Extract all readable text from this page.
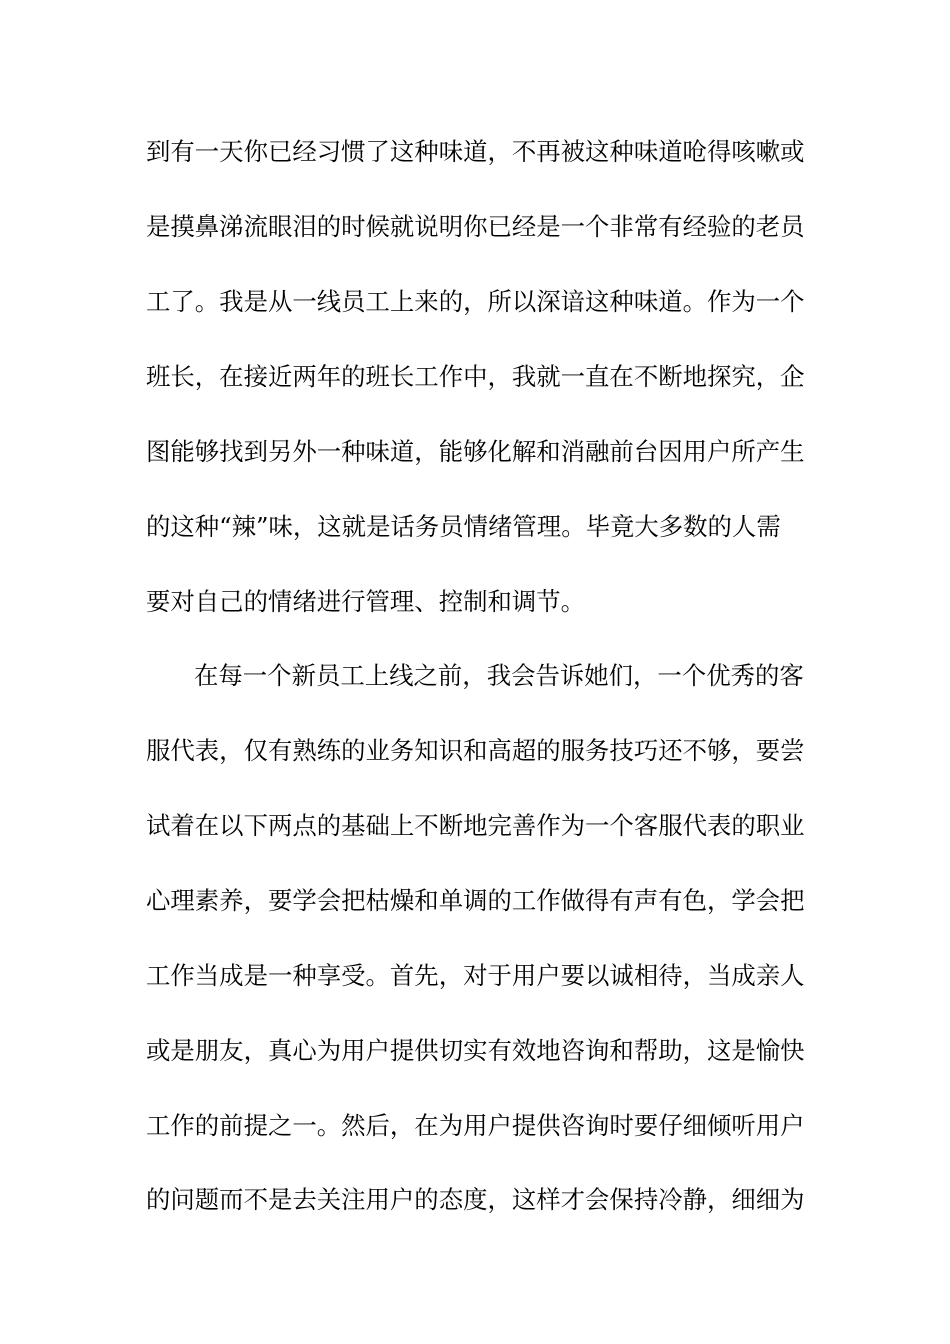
到有一天你已经习惯了这种味道，不再被这种味道呛得咳嗽或
是摸鼻涕流眼泪的时候就说明你已经是一个非常有经验的老员
工了。我是从一线员工上来的，所以深谙这种味道。作为一个
班长，在接近两年的班长工作中，我就一直在不断地探究，企
图能够找到另外一种味道，能够化解和消融前台因用户所产生
的这种“辣”味，这就是话务员情绪管理。毕竟大多数的人需
要对自己的情绪进行管理、控制和调节。
在每一个新员工上线之前，我会告诉她们，一个优秀的客
服代表，仅有熟练的业务知识和高超的服务技巧还不够，要尝
试着在以下两点的基础上不断地完善作为一个客服代表的职业
心理素养，要学会把枯燥和单调的工作做得有声有色，学会把
工作当成是一种享受。首先，对于用户要以诚相待，当成亲人
或是朋友，真心为用户提供切实有效地咨询和帮助，这是愉快
工作的前提之一。然后，在为用户提供咨询时要仔细倾听用户
的问题而不是去关注用户的态度，这样才会保持冷静，细细为
